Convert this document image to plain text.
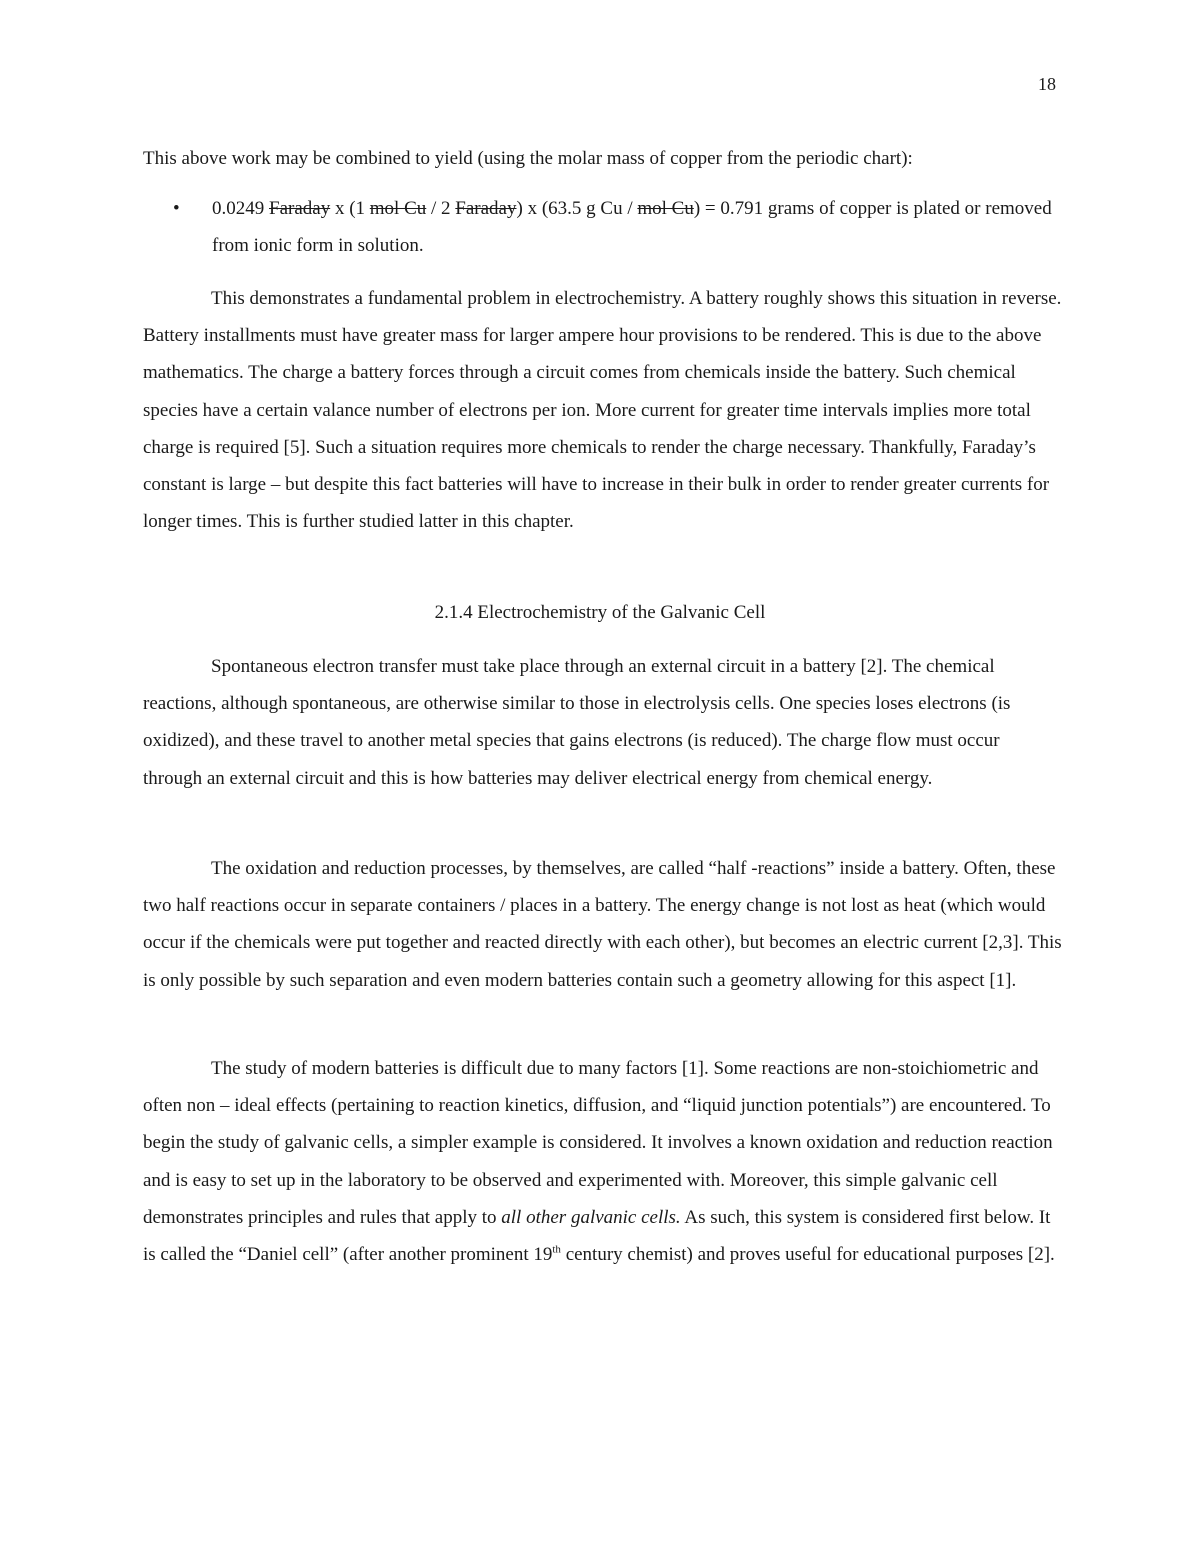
18
This above work may be combined to yield (using the molar mass of copper from the periodic chart):
• 0.0249 Faraday x (1 mol Cu / 2 Faraday) x (63.5 g Cu / mol Cu) = 0.791 grams of copper is plated or removed from ionic form in solution.

This demonstrates a fundamental problem in electrochemistry. A battery roughly shows this situation in reverse. Battery installments must have greater mass for larger ampere hour provisions to be rendered. This is due to the above mathematics. The charge a battery forces through a circuit comes from chemicals inside the battery. Such chemical species have a certain valance number of electrons per ion. More current for greater time intervals implies more total charge is required [5]. Such a situation requires more chemicals to render the charge necessary. Thankfully, Faraday’s constant is large – but despite this fact batteries will have to increase in their bulk in order to render greater currents for longer times. This is further studied latter in this chapter.

2.1.4 Electrochemistry of the Galvanic Cell

Spontaneous electron transfer must take place through an external circuit in a battery [2]. The chemical reactions, although spontaneous, are otherwise similar to those in electrolysis cells. One species loses electrons (is oxidized), and these travel to another metal species that gains electrons (is reduced). The charge flow must occur through an external circuit and this is how batteries may deliver electrical energy from chemical energy.

The oxidation and reduction processes, by themselves, are called “half -reactions” inside a battery. Often, these two half reactions occur in separate containers / places in a battery. The energy change is not lost as heat (which would occur if the chemicals were put together and reacted directly with each other), but becomes an electric current [2,3]. This is only possible by such separation and even modern batteries contain such a geometry allowing for this aspect [1].

The study of modern batteries is difficult due to many factors [1]. Some reactions are non-stoichiometric and often non – ideal effects (pertaining to reaction kinetics, diffusion, and “liquid junction potentials”) are encountered. To begin the study of galvanic cells, a simpler example is considered. It involves a known oxidation and reduction reaction and is easy to set up in the laboratory to be observed and experimented with. Moreover, this simple galvanic cell demonstrates principles and rules that apply to all other galvanic cells. As such, this system is considered first below. It is called the “Daniel cell” (after another prominent 19th century chemist) and proves useful for educational purposes [2].
